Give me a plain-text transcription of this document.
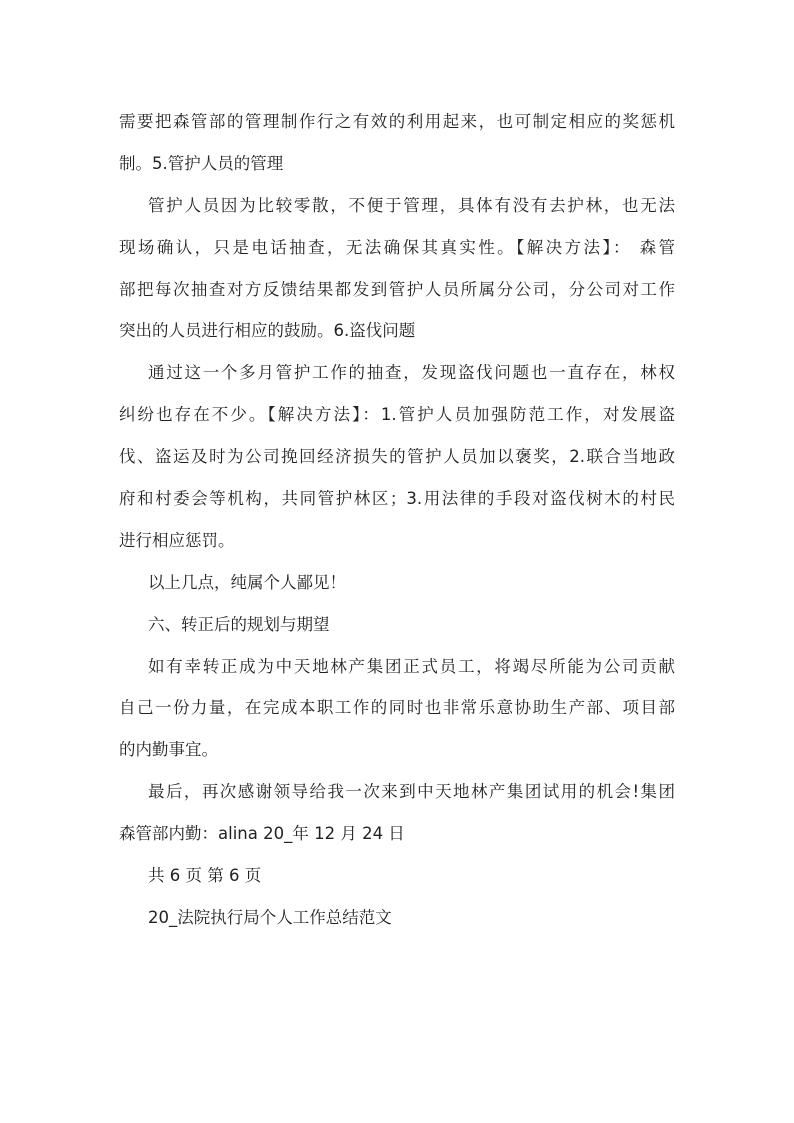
需要把森管部的管理制作行之有效的利用起来，也可制定相应的奖惩机
制。5.管护人员的管理
管护人员因为比较零散，不便于管理，具体有没有去护林，也无法
现场确认，只是电话抽查，无法确保其真实性。【解决方法】： 森管
部把每次抽查对方反馈结果都发到管护人员所属分公司，分公司对工作
突出的人员进行相应的鼓励。6.盗伐问题
通过这一个多月管护工作的抽查，发现盗伐问题也一直存在，林权
纠纷也存在不少。【解决方法】：1.管护人员加强防范工作，对发展盗
伐、盗运及时为公司挽回经济损失的管护人员加以褒奖，2.联合当地政
府和村委会等机构，共同管护林区；3.用法律的手段对盗伐树木的村民
进行相应惩罚。
以上几点，纯属个人鄙见！
六、转正后的规划与期望
如有幸转正成为中天地林产集团正式员工，将竭尽所能为公司贡献
自己一份力量，在完成本职工作的同时也非常乐意协助生产部、项目部
的内勤事宜。
最后，再次感谢领导给我一次来到中天地林产集团试用的机会!集团
森管部内勤：alina 20_年 12 月 24 日
共 6 页 第 6 页
20_法院执行局个人工作总结范文
